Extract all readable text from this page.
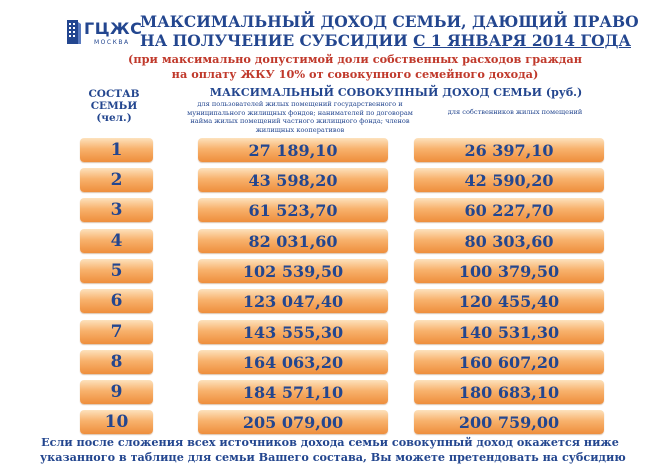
ГЦЖС
МОСКВА
МАКСИМАЛЬНЫЙ ДОХОД СЕМЬИ, ДАЮЩИЙ ПРАВО
НА ПОЛУЧЕНИЕ СУБСИДИИ С 1 ЯНВАРЯ 2014 ГОДА
(при максимально допустимой доли собственных расходов граждан
на оплату ЖКУ 10% от совокупного семейного дохода)
СОСТАВ СЕМЬИ
(чел.)
МАКСИМАЛЬНЫЙ СОВОКУПНЫЙ ДОХОД СЕМЬИ (руб.)
для пользователей жилых помещений государственного и муниципального жилищных фондов; нанимателей по договорам найма жилых помещений частного жилищного фонда; членов жилищных кооперативов
для собственников жилых помещений
1	27 189,10	26 397,10
2	43 598,20	42 590,20
3	61 523,70	60 227,70
4	82 031,60	80 303,60
5	102 539,50	100 379,50
6	123 047,40	120 455,40
7	143 555,30	140 531,30
8	164 063,20	160 607,20
9	184 571,10	180 683,10
10	205 079,00	200 759,00
Если после сложения всех источников дохода семьи совокупный доход окажется ниже
указанного в таблице для семьи Вашего состава, Вы можете претендовать на субсидию
